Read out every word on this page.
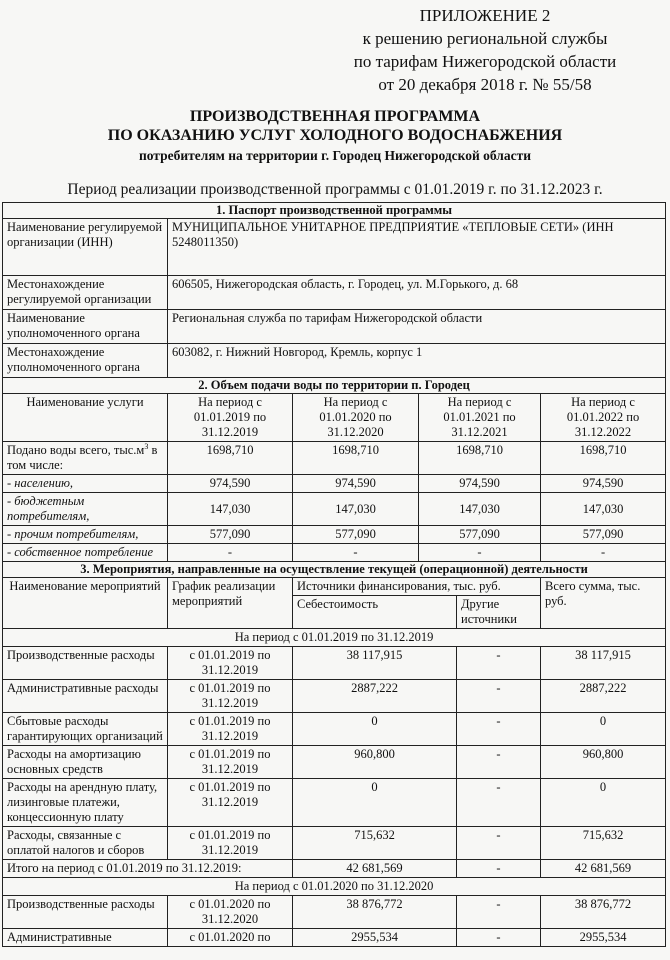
ПРИЛОЖЕНИЕ 2
к решению региональной службы
по тарифам Нижегородской области
от 20 декабря 2018 г. № 55/58
ПРОИЗВОДСТВЕННАЯ ПРОГРАММА
ПО ОКАЗАНИЮ УСЛУГ ХОЛОДНОГО ВОДОСНАБЖЕНИЯ
потребителям на территории г. Городец Нижегородской области
Период реализации производственной программы с 01.01.2019 г. по 31.12.2023 г.
1. Паспорт производственной программы					
Наименование регулируемой организации (ИНН)	МУНИЦИПАЛЬНОЕ УНИТАРНОЕ ПРЕДПРИЯТИЕ «ТЕПЛОВЫЕ СЕТИ» (ИНН 5248011350)				
Местонахождение регулируемой организации	606505, Нижегородская область, г. Городец, ул. М.Горького, д. 68				
Наименование уполномоченного органа	Региональная служба по тарифам Нижегородской области				
Местонахождение уполномоченного органа	603082, г. Нижний Новгород, Кремль, корпус 1				
2. Объем подачи воды по территории п. Городец					
Наименование услуги	На период с 01.01.2019 по 31.12.2019	На период с 01.01.2020 по 31.12.2020	На период с 01.01.2021 по 31.12.2021		На период с 01.01.2022 по 31.12.2022
Подано воды всего, $тыс.м^3$ в том числе:	1698,710	1698,710	1698,710		1698,710
- населению,	974,590	974,590	974,590		974,590
- бюджетным потребителям,	147,030	147,030	147,030		147,030
- прочим потребителям,	577,090	577,090	577,090		577,090
- собственное потребление	-	-	-		-
3. Мероприятия, направленные на осуществление текущей (операционной) деятельности					
Наименование мероприятий	График реализации мероприятий	Источники финансирования, тыс. руб.			Всего сумма, тыс. руб.
		Себестоимость		Другие источники	
На период с 01.01.2019 по 31.12.2019					
Производственные расходы	с 01.01.2019 по 31.12.2019	38 117,915		-	38 117,915
Административные расходы	с 01.01.2019 по 31.12.2019	2887,222		-	2887,222
Сбытовые расходы гарантирующих организаций	с 01.01.2019 по 31.12.2019	0		-	0
Расходы на амортизацию основных средств	с 01.01.2019 по 31.12.2019	960,800		-	960,800
Расходы на арендную плату, лизинговые платежи, концессионную плату	с 01.01.2019 по 31.12.2019	0		-	0
Расходы, связанные с оплатой налогов и сборов	с 01.01.2019 по 31.12.2019	715,632		-	715,632
Итого на период с 01.01.2019 по 31.12.2019:		42 681,569		-	42 681,569
На период с 01.01.2020 по 31.12.2020					
Производственные расходы	с 01.01.2020 по 31.12.2020	38 876,772		-	38 876,772
Административные	с 01.01.2020 по	2955,534		-	2955,534
